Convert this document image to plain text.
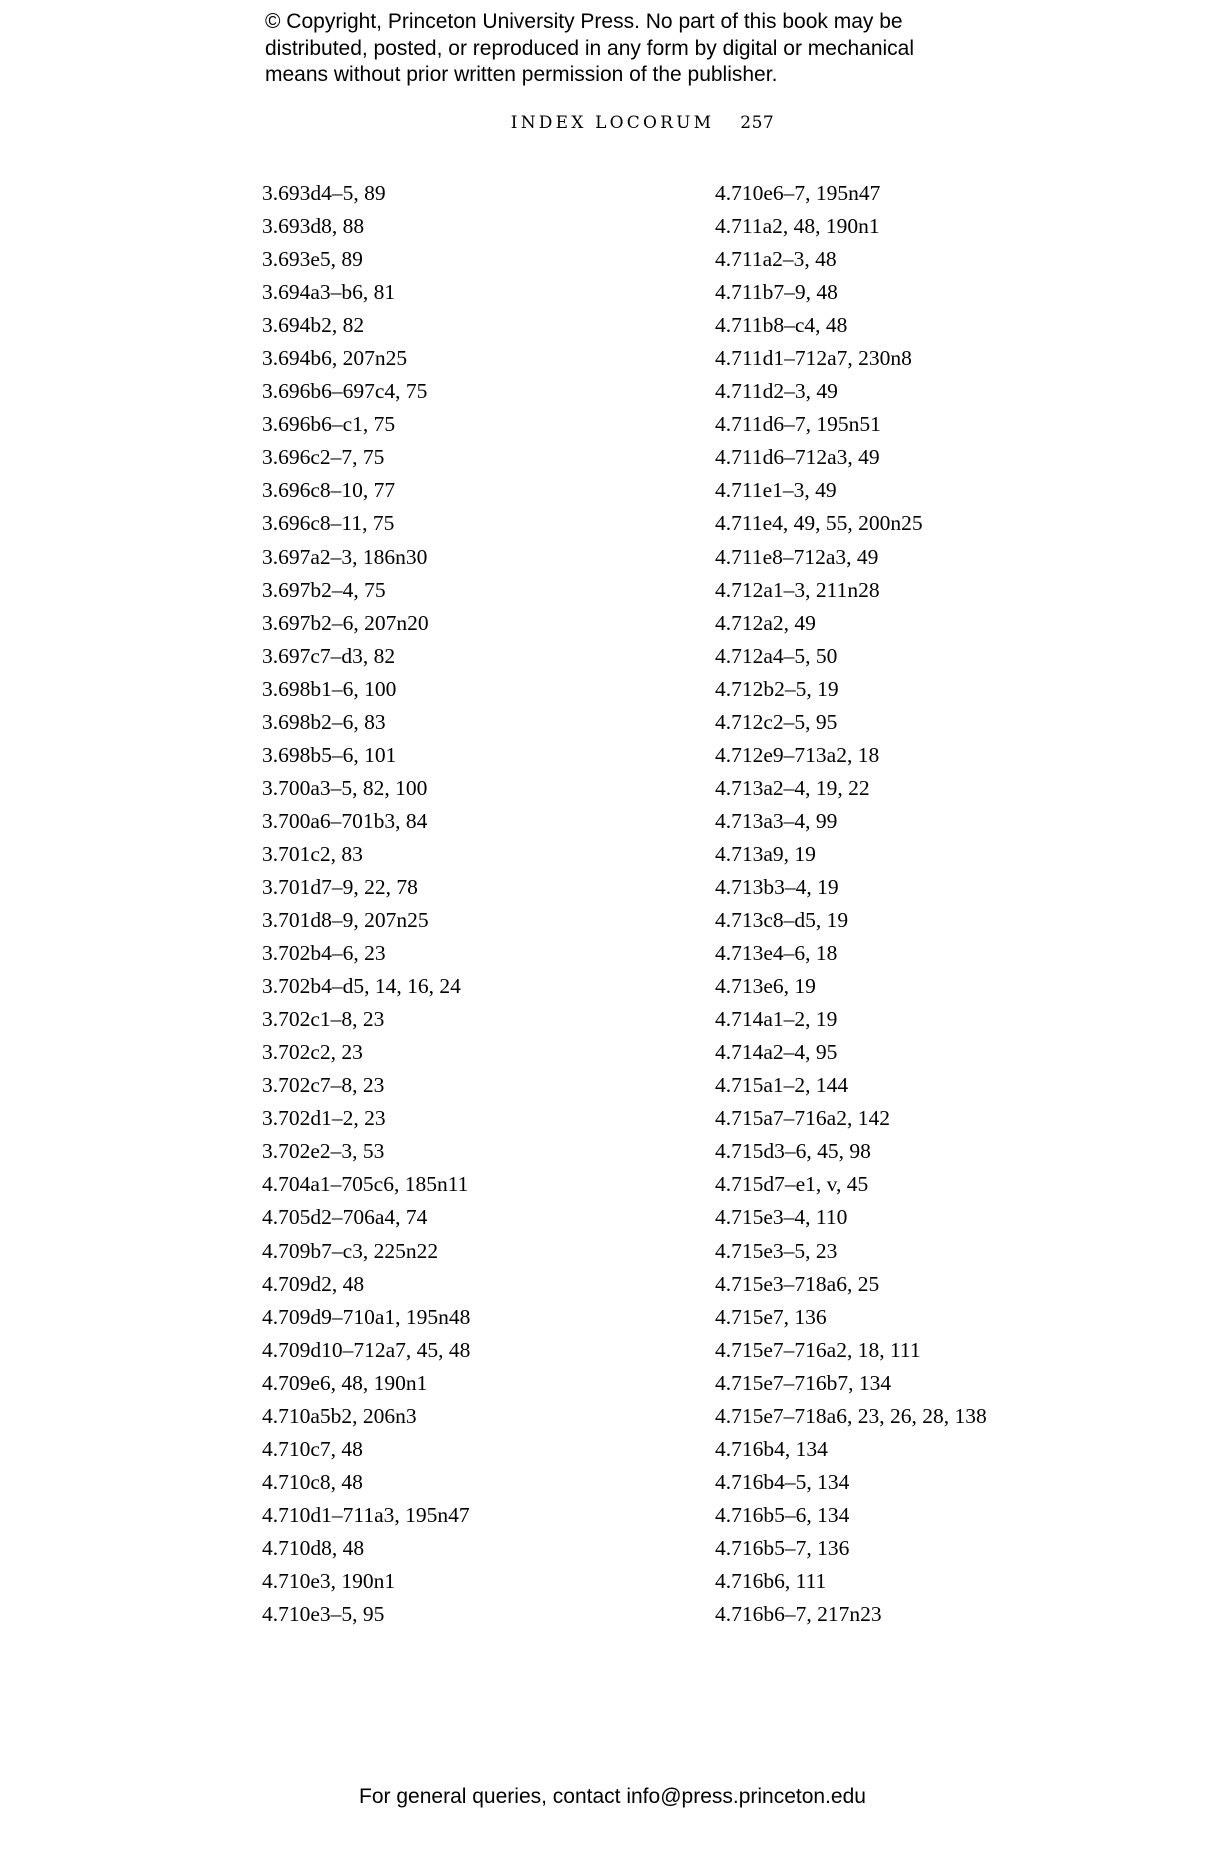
© Copyright, Princeton University Press. No part of this book may be
distributed, posted, or reproduced in any form by digital or mechanical
means without prior written permission of the publisher.
INDEX LOCORUM 257
3.693d4–5, 89
3.693d8, 88
3.693e5, 89
3.694a3–b6, 81
3.694b2, 82
3.694b6, 207n25
3.696b6–697c4, 75
3.696b6–c1, 75
3.696c2–7, 75
3.696c8–10, 77
3.696c8–11, 75
3.697a2–3, 186n30
3.697b2–4, 75
3.697b2–6, 207n20
3.697c7–d3, 82
3.698b1–6, 100
3.698b2–6, 83
3.698b5–6, 101
3.700a3–5, 82, 100
3.700a6–701b3, 84
3.701c2, 83
3.701d7–9, 22, 78
3.701d8–9, 207n25
3.702b4–6, 23
3.702b4–d5, 14, 16, 24
3.702c1–8, 23
3.702c2, 23
3.702c7–8, 23
3.702d1–2, 23
3.702e2–3, 53
4.704a1–705c6, 185n11
4.705d2–706a4, 74
4.709b7–c3, 225n22
4.709d2, 48
4.709d9–710a1, 195n48
4.709d10–712a7, 45, 48
4.709e6, 48, 190n1
4.710a5b2, 206n3
4.710c7, 48
4.710c8, 48
4.710d1–711a3, 195n47
4.710d8, 48
4.710e3, 190n1
4.710e3–5, 95
4.710e6–7, 195n47
4.711a2, 48, 190n1
4.711a2–3, 48
4.711b7–9, 48
4.711b8–c4, 48
4.711d1–712a7, 230n8
4.711d2–3, 49
4.711d6–7, 195n51
4.711d6–712a3, 49
4.711e1–3, 49
4.711e4, 49, 55, 200n25
4.711e8–712a3, 49
4.712a1–3, 211n28
4.712a2, 49
4.712a4–5, 50
4.712b2–5, 19
4.712c2–5, 95
4.712e9–713a2, 18
4.713a2–4, 19, 22
4.713a3–4, 99
4.713a9, 19
4.713b3–4, 19
4.713c8–d5, 19
4.713e4–6, 18
4.713e6, 19
4.714a1–2, 19
4.714a2–4, 95
4.715a1–2, 144
4.715a7–716a2, 142
4.715d3–6, 45, 98
4.715d7–e1, v, 45
4.715e3–4, 110
4.715e3–5, 23
4.715e3–718a6, 25
4.715e7, 136
4.715e7–716a2, 18, 111
4.715e7–716b7, 134
4.715e7–718a6, 23, 26, 28, 138
4.716b4, 134
4.716b4–5, 134
4.716b5–6, 134
4.716b5–7, 136
4.716b6, 111
4.716b6–7, 217n23
For general queries, contact info@press.princeton.edu
